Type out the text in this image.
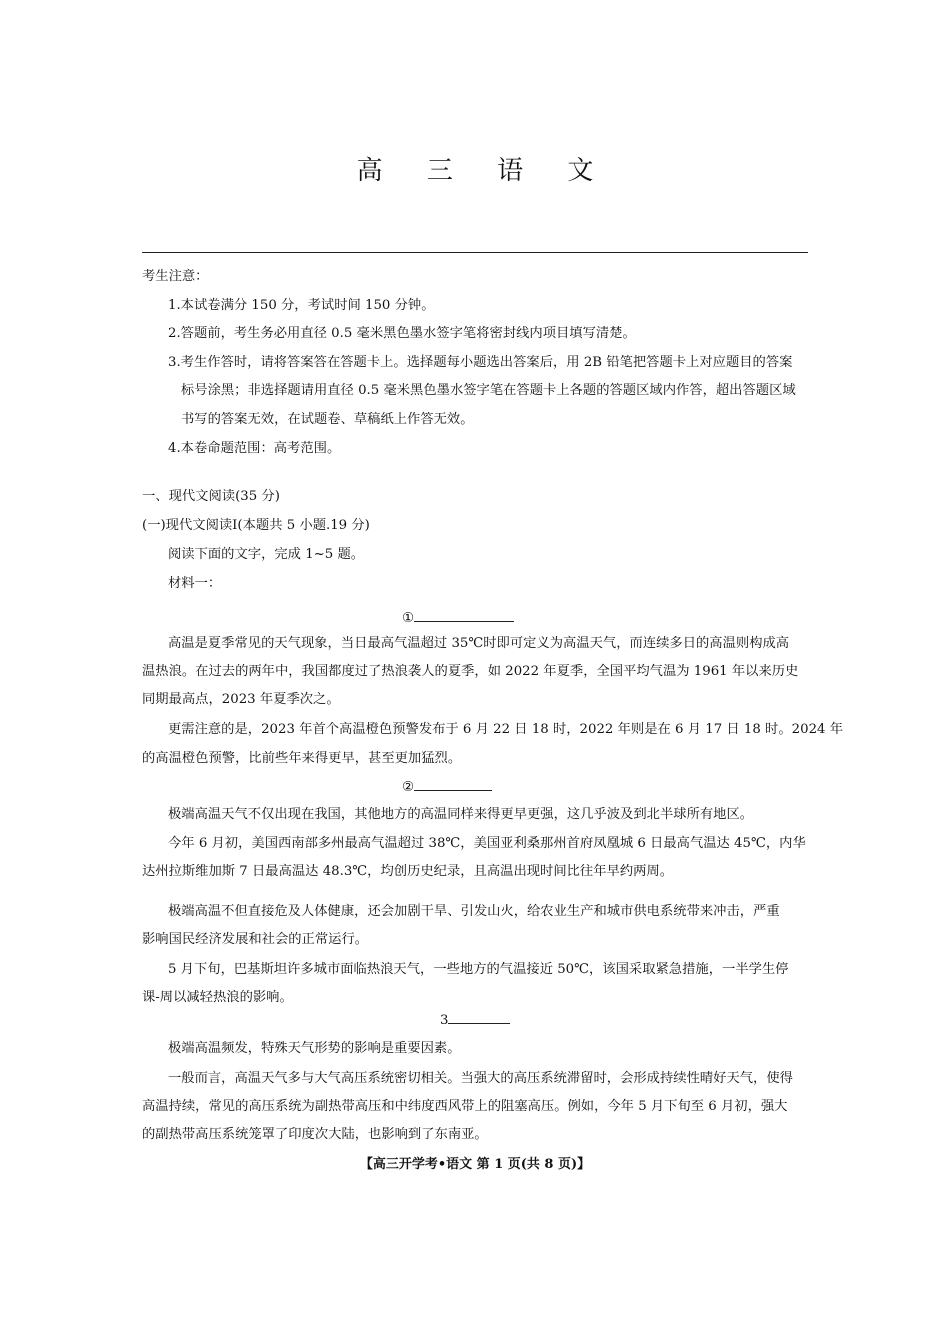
高 三 语 文
考生注意：
1.本试卷满分 150 分，考试时间 150 分钟。
2.答题前，考生务必用直径 0.5 毫米黑色墨水签字笔将密封线内项目填写清楚。
3.考生作答时，请将答案答在答题卡上。选择题每小题选出答案后，用 2B 铅笔把答题卡上对应题目的答案
标号涂黑；非选择题请用直径 0.5 毫米黑色墨水签字笔在答题卡上各题的答题区域内作答，超出答题区域
书写的答案无效，在试题卷、草稿纸上作答无效。
4.本卷命题范围：高考范围。
一、现代文阅读(35 分)
(一)现代文阅读Ⅰ(本题共 5 小题.19 分)
阅读下面的文字，完成 1~5 题。
材料一：
①
高温是夏季常见的天气现象，当日最高气温超过 35℃时即可定义为高温天气，而连续多日的高温则构成高
温热浪。在过去的两年中，我国都度过了热浪袭人的夏季，如 2022 年夏季，全国平均气温为 1961 年以来历史
同期最高点，2023 年夏季次之。
更需注意的是，2023 年首个高温橙色预警发布于 6 月 22 日 18 时，2022 年则是在 6 月 17 日 18 时。2024 年
的高温橙色预警，比前些年来得更早，甚至更加猛烈。
②
极端高温天气不仅出现在我国，其他地方的高温同样来得更早更强，这几乎波及到北半球所有地区。
今年 6 月初，美国西南部多州最高气温超过 38℃，美国亚利桑那州首府凤凰城 6 日最高气温达 45℃，内华
达州拉斯维加斯 7 日最高温达 48.3℃，均创历史纪录，且高温出现时间比往年早约两周。
极端高温不但直接危及人体健康，还会加剧干旱、引发山火，给农业生产和城市供电系统带来冲击，严重
影响国民经济发展和社会的正常运行。
5 月下旬，巴基斯坦许多城市面临热浪天气，一些地方的气温接近 50℃，该国采取紧急措施，一半学生停
课-周以减轻热浪的影响。
3
极端高温频发，特殊天气形势的影响是重要因素。
一般而言，高温天气多与大气高压系统密切相关。当强大的高压系统滞留时，会形成持续性晴好天气，使得
高温持续，常见的高压系统为副热带高压和中纬度西风带上的阻塞高压。例如，今年 5 月下旬至 6 月初，强大
的副热带高压系统笼罩了印度次大陆，也影响到了东南亚。
【高三开学考•语文 第 1 页(共 8 页)】
